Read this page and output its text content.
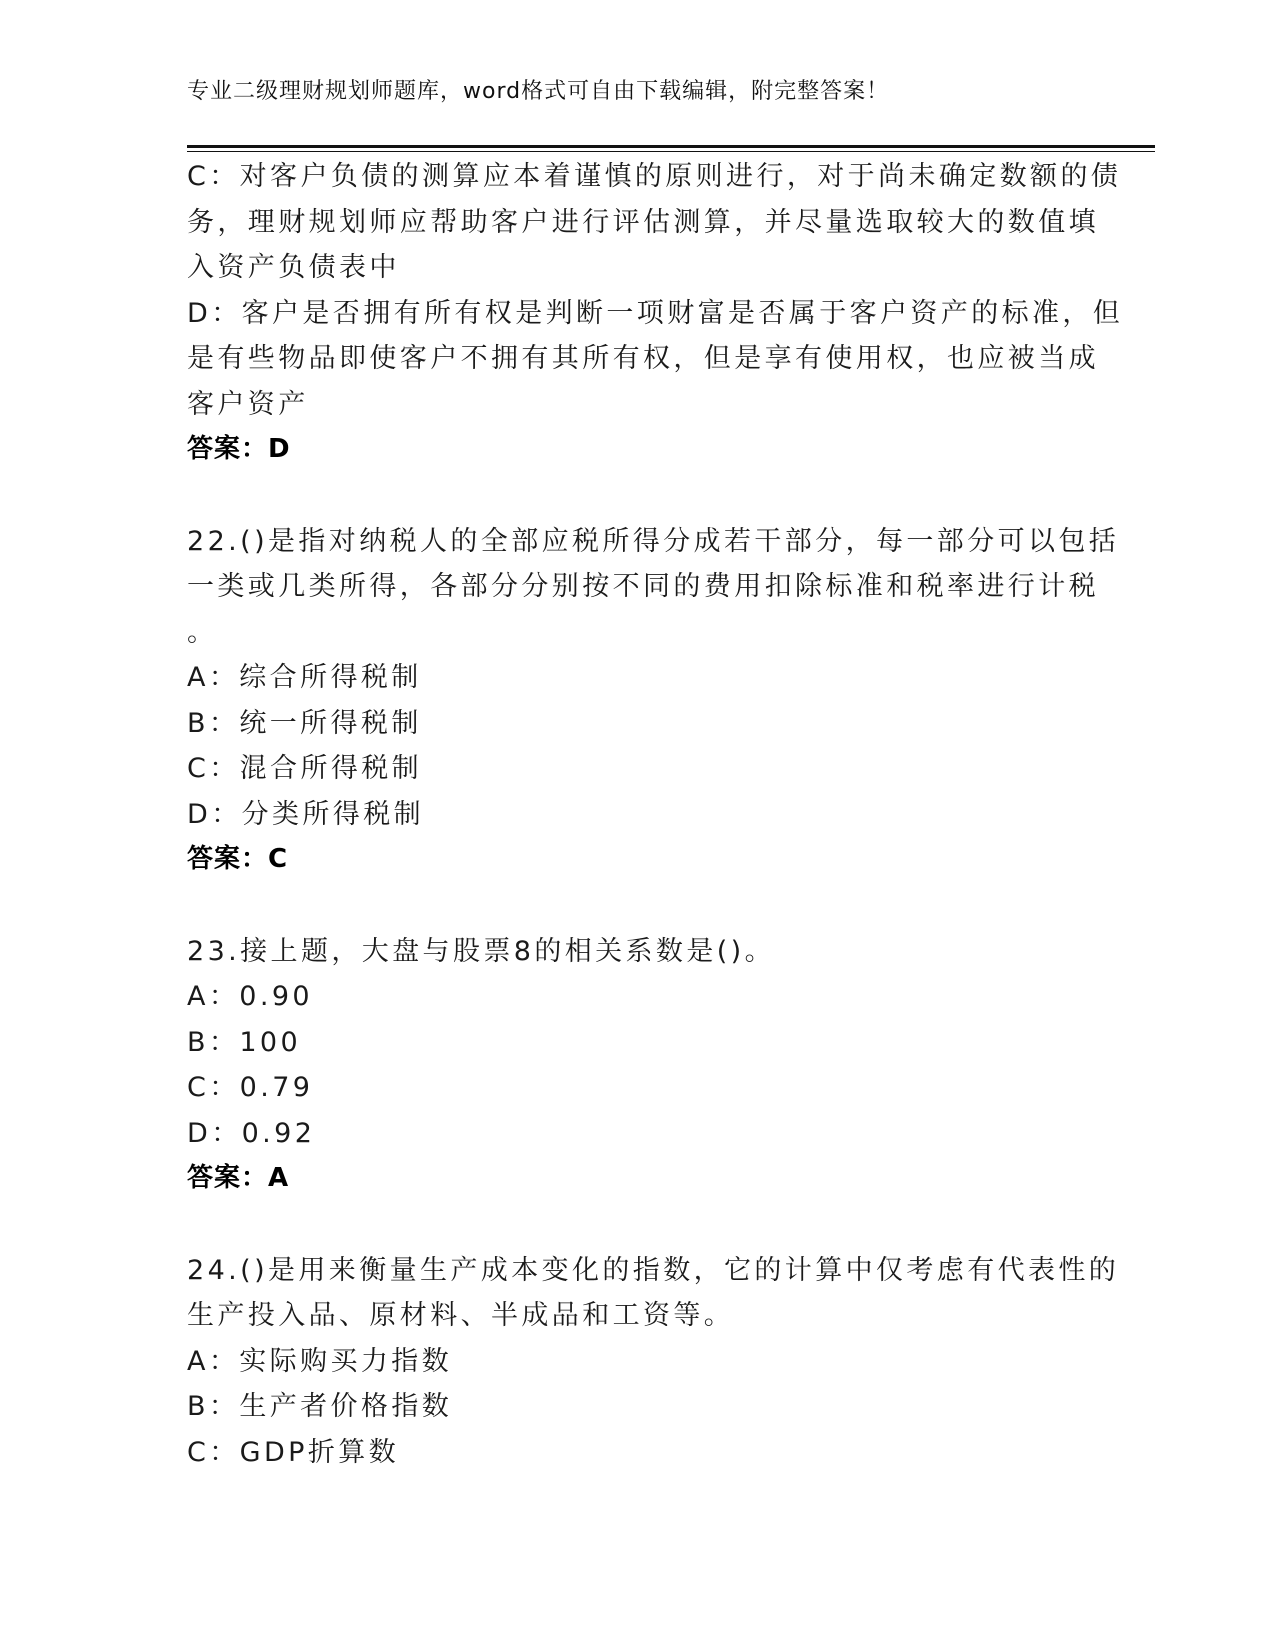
专业二级理财规划师题库，word格式可自由下载编辑，附完整答案！
C：对客户负债的测算应本着谨慎的原则进行，对于尚未确定数额的债
务，理财规划师应帮助客户进行评估测算，并尽量选取较大的数值填
入资产负债表中
D：客户是否拥有所有权是判断一项财富是否属于客户资产的标准，但
是有些物品即使客户不拥有其所有权，但是享有使用权，也应被当成
客户资产
答案：D
22.()是指对纳税人的全部应税所得分成若干部分，每一部分可以包括
一类或几类所得，各部分分别按不同的费用扣除标准和税率进行计税
。
A：综合所得税制
B：统一所得税制
C：混合所得税制
D：分类所得税制
答案：C
23.接上题，大盘与股票8的相关系数是()。
A：0.90
B：100
C：0.79
D：0.92
答案：A
24.()是用来衡量生产成本变化的指数，它的计算中仅考虑有代表性的
生产投入品、原材料、半成品和工资等。
A：实际购买力指数
B：生产者价格指数
C：GDP折算数
